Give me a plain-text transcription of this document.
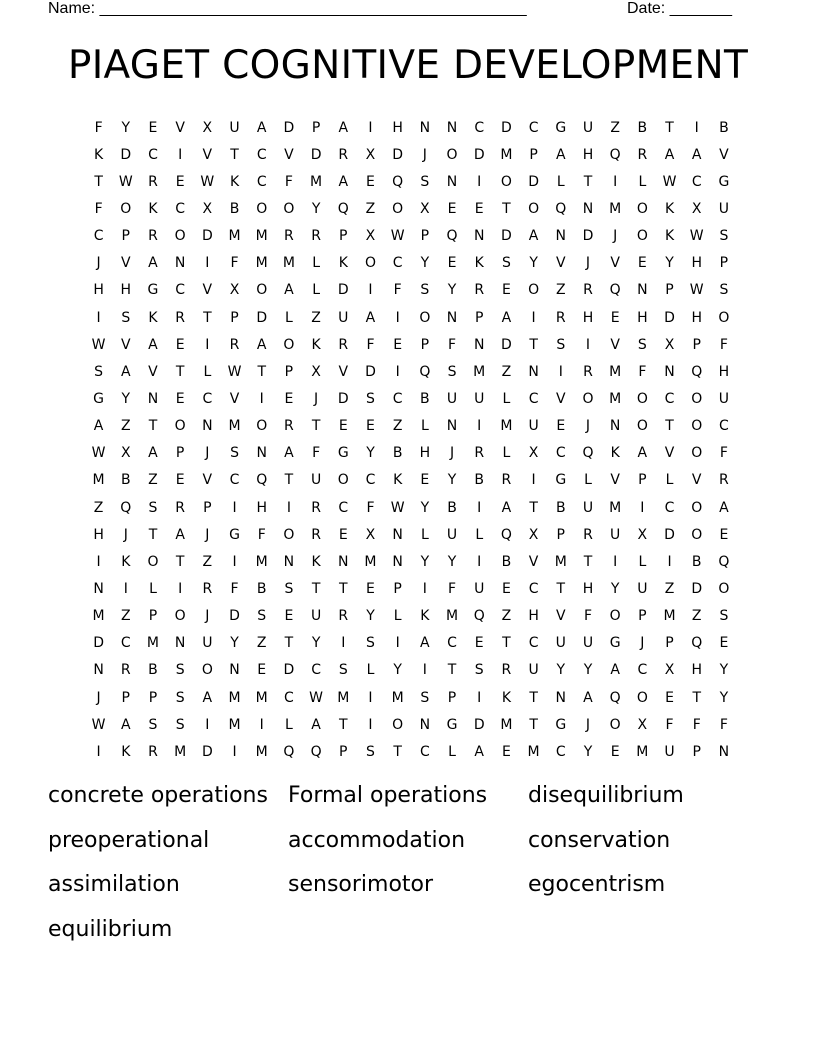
Name: ________________________________________________	Date: _______
PIAGET COGNITIVE DEVELOPMENT
F	Y	E	V	X	U	A	D	P	A	I	H	N	N	C	D	C	G	U	Z	B	T	I	B
K	D	C	I	V	T	C	V	D	R	X	D	J	O	D	M	P	A	H	Q	R	A	A	V
T	W	R	E	W	K	C	F	M	A	E	Q	S	N	I	O	D	L	T	I	L	W	C	G
F	O	K	C	X	B	O	O	Y	Q	Z	O	X	E	E	T	O	Q	N	M	O	K	X	U
C	P	R	O	D	M	M	R	R	P	X	W	P	Q	N	D	A	N	D	J	O	K	W	S
J	V	A	N	I	F	M	M	L	K	O	C	Y	E	K	S	Y	V	J	V	E	Y	H	P
H	H	G	C	V	X	O	A	L	D	I	F	S	Y	R	E	O	Z	R	Q	N	P	W	S
I	S	K	R	T	P	D	L	Z	U	A	I	O	N	P	A	I	R	H	E	H	D	H	O
W	V	A	E	I	R	A	O	K	R	F	E	P	F	N	D	T	S	I	V	S	X	P	F
S	A	V	T	L	W	T	P	X	V	D	I	Q	S	M	Z	N	I	R	M	F	N	Q	H
G	Y	N	E	C	V	I	E	J	D	S	C	B	U	U	L	C	V	O	M	O	C	O	U
A	Z	T	O	N	M	O	R	T	E	E	Z	L	N	I	M	U	E	J	N	O	T	O	C
W	X	A	P	J	S	N	A	F	G	Y	B	H	J	R	L	X	C	Q	K	A	V	O	F
M	B	Z	E	V	C	Q	T	U	O	C	K	E	Y	B	R	I	G	L	V	P	L	V	R
Z	Q	S	R	P	I	H	I	R	C	F	W	Y	B	I	A	T	B	U	M	I	C	O	A
H	J	T	A	J	G	F	O	R	E	X	N	L	U	L	Q	X	P	R	U	X	D	O	E
I	K	O	T	Z	I	M	N	K	N	M	N	Y	Y	I	B	V	M	T	I	L	I	B	Q
N	I	L	I	R	F	B	S	T	T	E	P	I	F	U	E	C	T	H	Y	U	Z	D	O
M	Z	P	O	J	D	S	E	U	R	Y	L	K	M	Q	Z	H	V	F	O	P	M	Z	S
D	C	M	N	U	Y	Z	T	Y	I	S	I	A	C	E	T	C	U	U	G	J	P	Q	E
N	R	B	S	O	N	E	D	C	S	L	Y	I	T	S	R	U	Y	Y	A	C	X	H	Y
J	P	P	S	A	M	M	C	W	M	I	M	S	P	I	K	T	N	A	Q	O	E	T	Y
W	A	S	S	I	M	I	L	A	T	I	O	N	G	D	M	T	G	J	O	X	F	F	F
I	K	R	M	D	I	M	Q	Q	P	S	T	C	L	A	E	M	C	Y	E	M	U	P	N
concrete operations Formal operations	disequilibrium
preoperational	accommodation	conservation
assimilation	sensorimotor	egocentrism
equilibrium
